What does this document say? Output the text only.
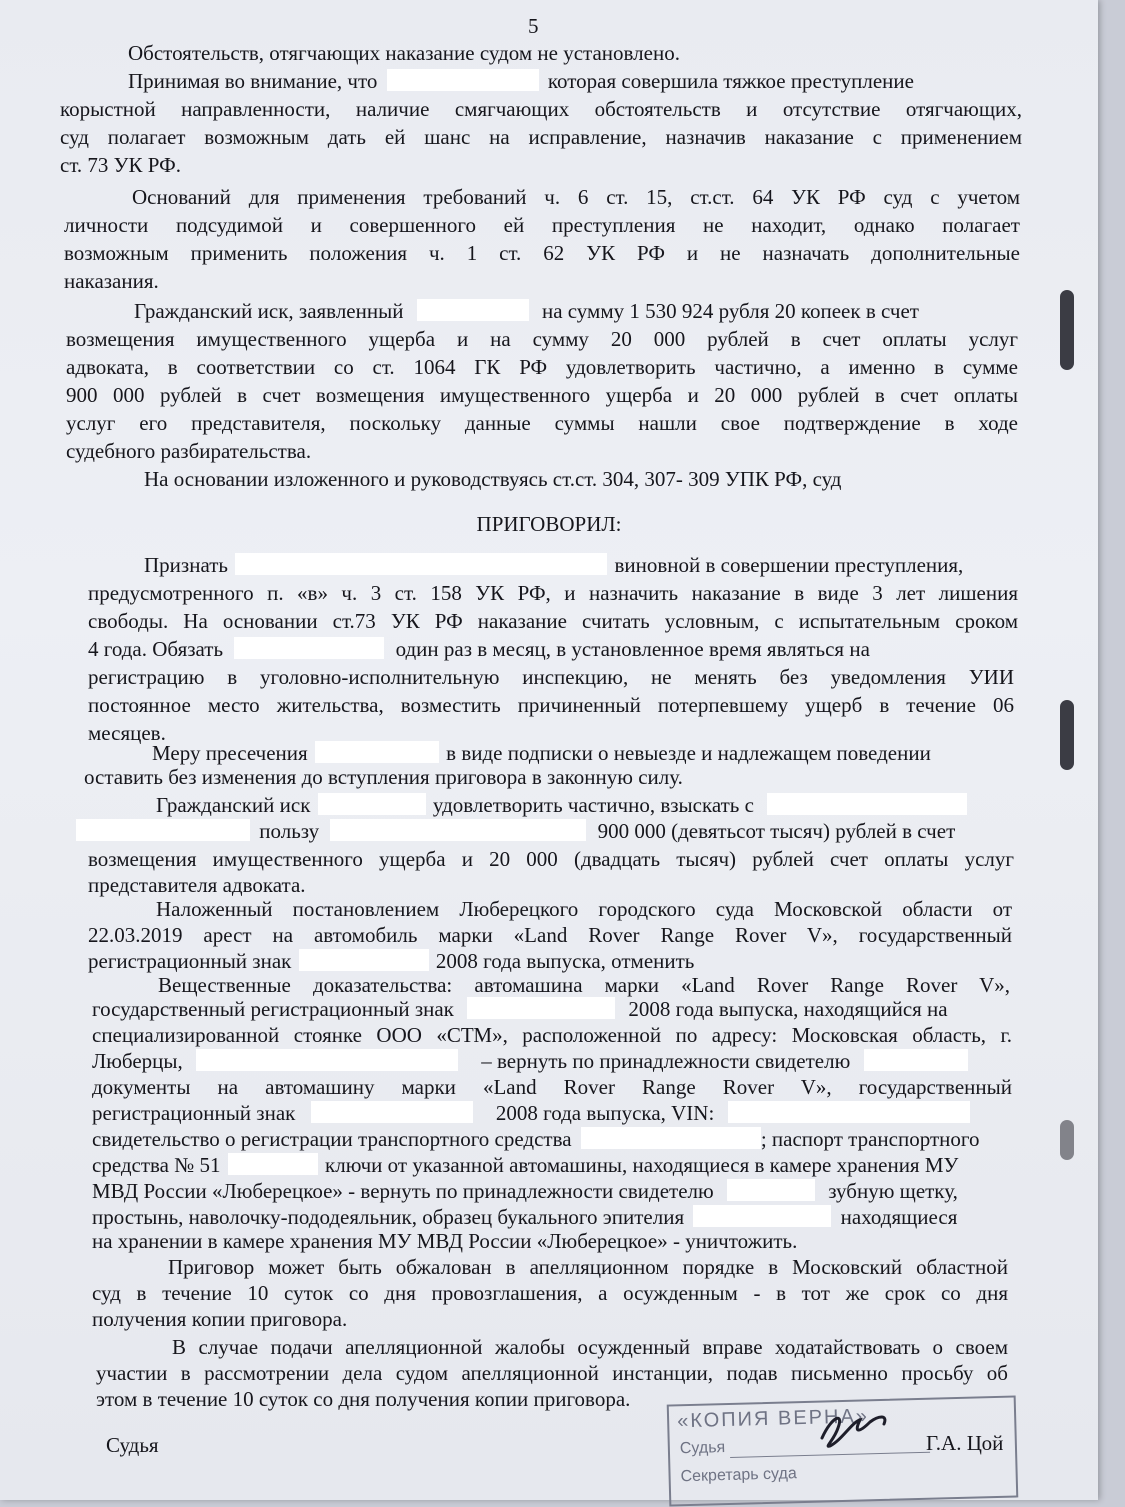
5
Обстоятельств, отягчающих наказание судом не установлено.
Принимая во внимание, что	которая совершила тяжкое преступление
корыстной направленности, наличие смягчающих обстоятельств и отсутствие отягчающих,
суд полагает возможным дать ей шанс на исправление, назначив наказание с применением
ст. 73 УК РФ.
Оснований для применения требований ч. 6 ст. 15, ст.ст. 64 УК РФ суд с учетом
личности подсудимой и совершенного ей преступления не находит, однако полагает
возможным применить положения ч. 1 ст. 62 УК РФ и не назначать дополнительные
наказания.
Гражданский иск, заявленный	на сумму 1 530 924 рубля 20 копеек в счет
возмещения имущественного ущерба и на сумму 20 000 рублей в счет оплаты услуг
адвоката, в соответствии со ст. 1064 ГК РФ удовлетворить частично, а именно в сумме
900 000 рублей в счет возмещения имущественного ущерба и 20 000 рублей в счет оплаты
услуг его представителя, поскольку данные суммы нашли свое подтверждение в ходе
судебного разбирательства.
На основании изложенного и руководствуясь ст.ст. 304, 307- 309 УПК РФ, суд
ПРИГОВОРИЛ:
Признать	виновной в совершении преступления,
предусмотренного п. «в» ч. 3 ст. 158 УК РФ, и назначить наказание в виде 3 лет лишения
свободы. На основании ст.73 УК РФ наказание считать условным, с испытательным сроком
4 года. Обязать	один раз в месяц, в установленное время являться на
регистрацию в уголовно-исполнительную инспекцию, не менять без уведомления УИИ
постоянное место жительства, возместить причиненный потерпевшему ущерб в течение 06
месяцев.
Меру пресечения	в виде подписки о невыезде и надлежащем поведении
оставить без изменения до вступления приговора в законную силу.
Гражданский иск	удовлетворить частично, взыскать с
пользу	900 000 (девятьсот тысяч) рублей в счет
возмещения имущественного ущерба и 20 000 (двадцать тысяч) рублей счет оплаты услуг
представителя адвоката.
Наложенный постановлением Люберецкого городского суда Московской области от
22.03.2019 арест на автомобиль марки «Land Rover Range Rover V», государственный
регистрационный знак	2008 года выпуска, отменить
Вещественные доказательства: автомашина марки «Land Rover Range Rover V»,
государственный регистрационный знак	2008 года выпуска, находящийся на
специализированной стоянке ООО «СТМ», расположенной по адресу: Московская область, г.
Люберцы,	– вернуть по принадлежности свидетелю
документы на автомашину марки «Land Rover Range Rover V», государственный
регистрационный знак	2008 года выпуска, VIN:
свидетельство о регистрации транспортного средства	; паспорт транспортного
средства № 51	ключи от указанной автомашины, находящиеся в камере хранения МУ
МВД России «Люберецкое» - вернуть по принадлежности свидетелю	зубную щетку,
простынь, наволочку-пододеяльник, образец букального эпителия	находящиеся
на хранении в камере хранения МУ МВД России «Люберецкое» - уничтожить.
Приговор может быть обжалован в апелляционном порядке в Московский областной
суд в течение 10 суток со дня провозглашения, а осужденным - в тот же срок со дня
получения копии приговора.
В случае подачи апелляционной жалобы осужденный вправе ходатайствовать о своем
участии в рассмотрении дела судом апелляционной инстанции, подав письменно просьбу об
этом в течение 10 суток со дня получения копии приговора.
«КОПИЯ ВЕРНА»
Судья
Секретарь суда
Судья	Г.А. Цой
